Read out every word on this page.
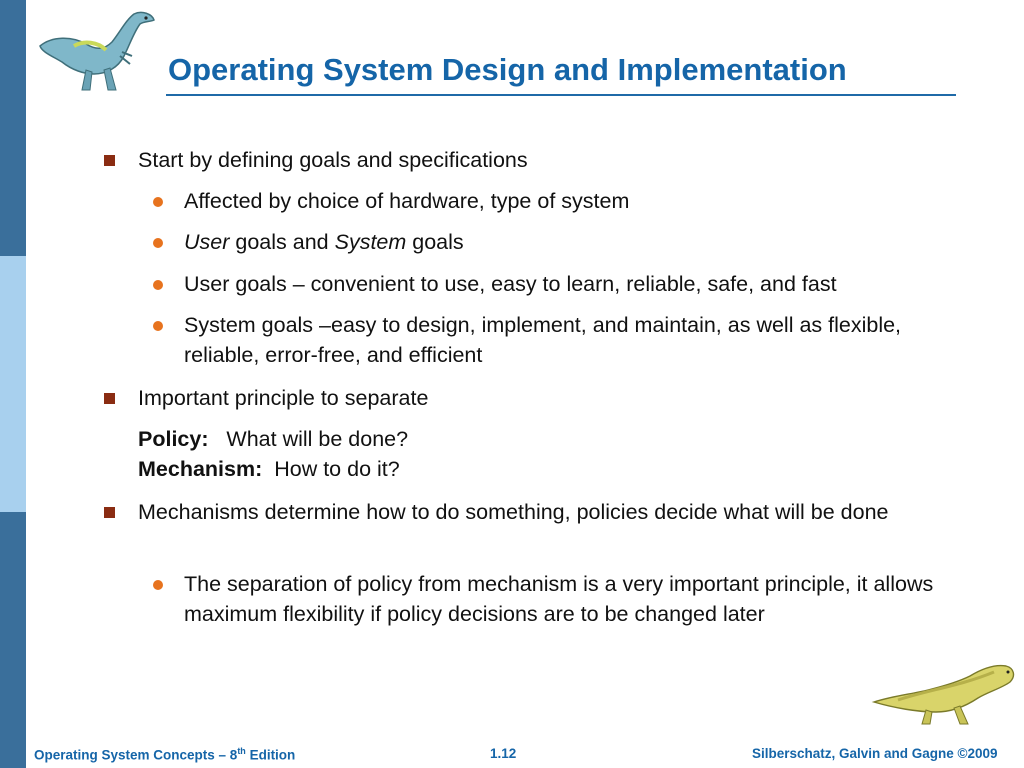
Operating System Design and Implementation
Start by defining goals and specifications
Affected by choice of hardware, type of system
User goals and System goals
User goals – convenient to use, easy to learn, reliable, safe, and fast
System goals –easy to design, implement, and maintain, as well as flexible, reliable, error-free, and efficient
Important principle to separate
Policy: What will be done?
Mechanism: How to do it?
Mechanisms determine how to do something, policies decide what will be done
The separation of policy from mechanism is a very important principle, it allows maximum flexibility if policy decisions are to be changed later
Operating System Concepts – 8th Edition	1.12	Silberschatz, Galvin and Gagne ©2009
